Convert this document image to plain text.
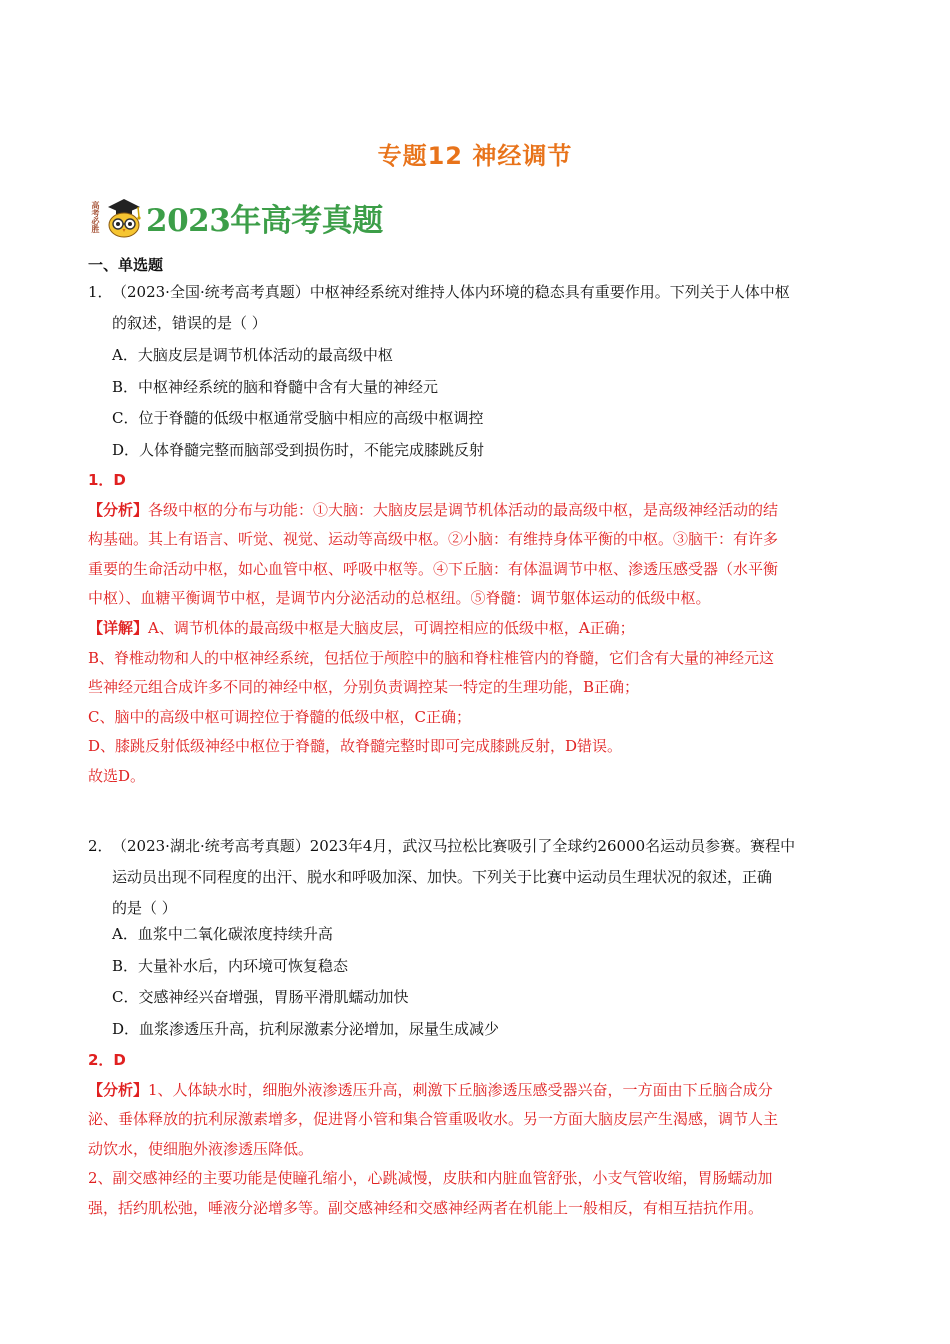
专题12 神经调节
高考必胜 2023年高考真题
一、单选题
1．（2023·全国·统考高考真题）中枢神经系统对维持人体内环境的稳态具有重要作用。下列关于人体中枢
的叙述，错误的是（ ）
A．大脑皮层是调节机体活动的最高级中枢
B．中枢神经系统的脑和脊髓中含有大量的神经元
C．位于脊髓的低级中枢通常受脑中相应的高级中枢调控
D．人体脊髓完整而脑部受到损伤时，不能完成膝跳反射
1．D
【分析】各级中枢的分布与功能：①大脑：大脑皮层是调节机体活动的最高级中枢，是高级神经活动的结
构基础。其上有语言、听觉、视觉、运动等高级中枢。②小脑：有维持身体平衡的中枢。③脑干：有许多
重要的生命活动中枢，如心血管中枢、呼吸中枢等。④下丘脑：有体温调节中枢、渗透压感受器（水平衡
中枢）、血糖平衡调节中枢，是调节内分泌活动的总枢纽。⑤脊髓：调节躯体运动的低级中枢。
【详解】A、调节机体的最高级中枢是大脑皮层，可调控相应的低级中枢，A正确；
B、脊椎动物和人的中枢神经系统，包括位于颅腔中的脑和脊柱椎管内的脊髓，它们含有大量的神经元这
些神经元组合成许多不同的神经中枢，分别负责调控某一特定的生理功能，B正确；
C、脑中的高级中枢可调控位于脊髓的低级中枢，C正确；
D、膝跳反射低级神经中枢位于脊髓，故脊髓完整时即可完成膝跳反射，D错误。
故选D。
2．（2023·湖北·统考高考真题）2023年4月，武汉马拉松比赛吸引了全球约26000名运动员参赛。赛程中
运动员出现不同程度的出汗、脱水和呼吸加深、加快。下列关于比赛中运动员生理状况的叙述，正确
的是（ ）
A．血浆中二氧化碳浓度持续升高
B．大量补水后，内环境可恢复稳态
C．交感神经兴奋增强，胃肠平滑肌蠕动加快
D．血浆渗透压升高，抗利尿激素分泌增加，尿量生成减少
2．D
【分析】1、人体缺水时，细胞外液渗透压升高，刺激下丘脑渗透压感受器兴奋，一方面由下丘脑合成分
泌、垂体释放的抗利尿激素增多，促进肾小管和集合管重吸收水。另一方面大脑皮层产生渴感，调节人主
动饮水，使细胞外液渗透压降低。
2、副交感神经的主要功能是使瞳孔缩小，心跳减慢，皮肤和内脏血管舒张，小支气管收缩，胃肠蠕动加
强，括约肌松弛，唾液分泌增多等。副交感神经和交感神经两者在机能上一般相反，有相互拮抗作用。
